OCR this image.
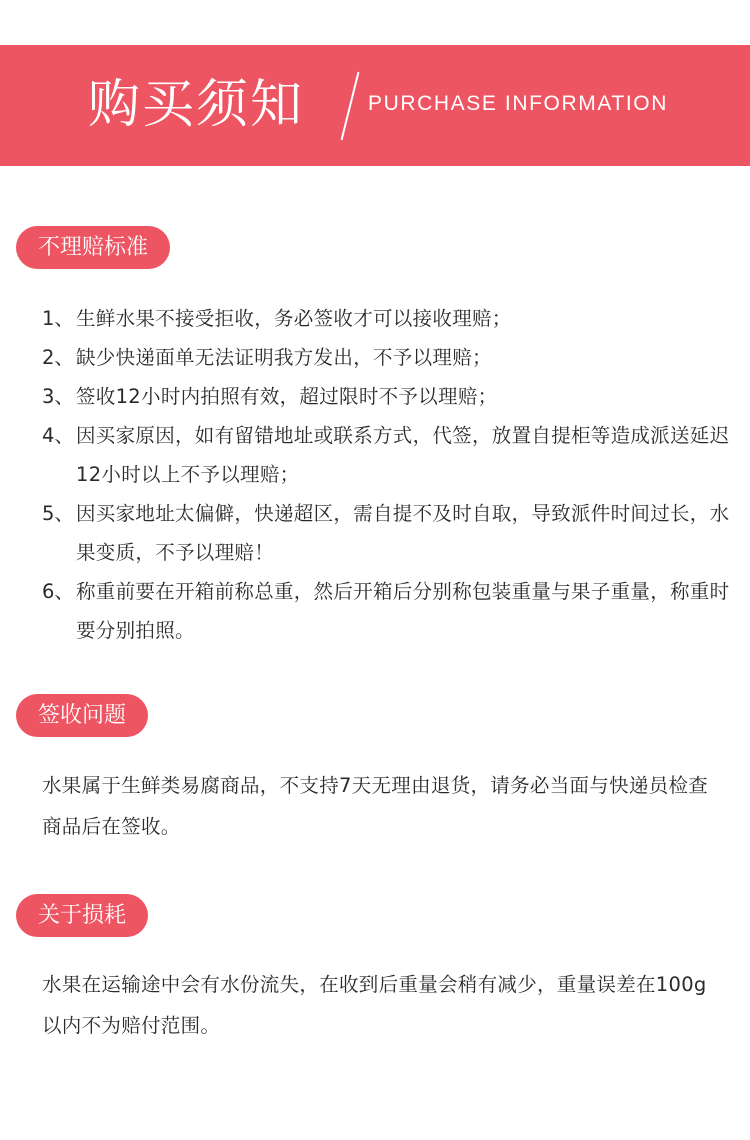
购买须知	PURCHASE INFORMATION
不理赔标准
1、 生鲜水果不接受拒收，务必签收才可以接收理赔；
2、 缺少快递面单无法证明我方发出，不予以理赔；
3、 签收12小时内拍照有效，超过限时不予以理赔；
4、 因买家原因，如有留错地址或联系方式，代签，放置自提柜等造成派送延迟12小时以上不予以理赔；
5、 因买家地址太偏僻，快递超区，需自提不及时自取，导致派件时间过长，水果变质，不予以理赔！
6、 称重前要在开箱前称总重，然后开箱后分别称包装重量与果子重量，称重时要分别拍照。
签收问题

水果属于生鲜类易腐商品，不支持7天无理由退货，请务必当面与快递员检查商品后在签收。

关于损耗

水果在运输途中会有水份流失，在收到后重量会稍有减少，重量误差在100g以内不为赔付范围。
